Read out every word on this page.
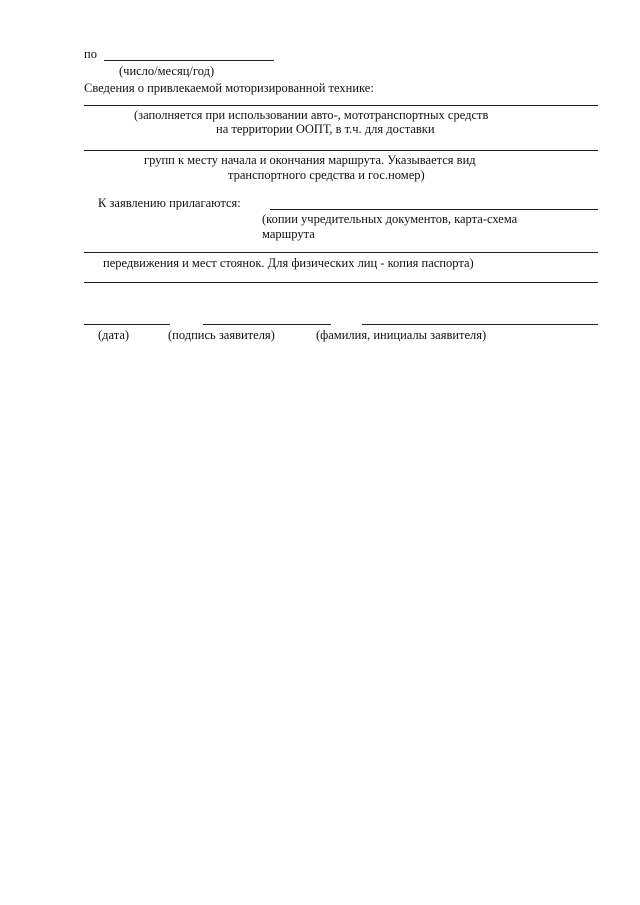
по
(число/месяц/год)
Сведения о привлекаемой моторизированной технике:
(заполняется при использовании авто-, мототранспортных средств
на территории ООПТ, в т.ч. для доставки
групп к месту начала и окончания маршрута. Указывается вид
транспортного средства и гос.номер)
К заявлению прилагаются:
(копии учредительных документов, карта-схема
маршрута
передвижения и мест стоянок. Для физических лиц - копия паспорта)
(дата)	(подпись заявителя)	(фамилия, инициалы заявителя)
